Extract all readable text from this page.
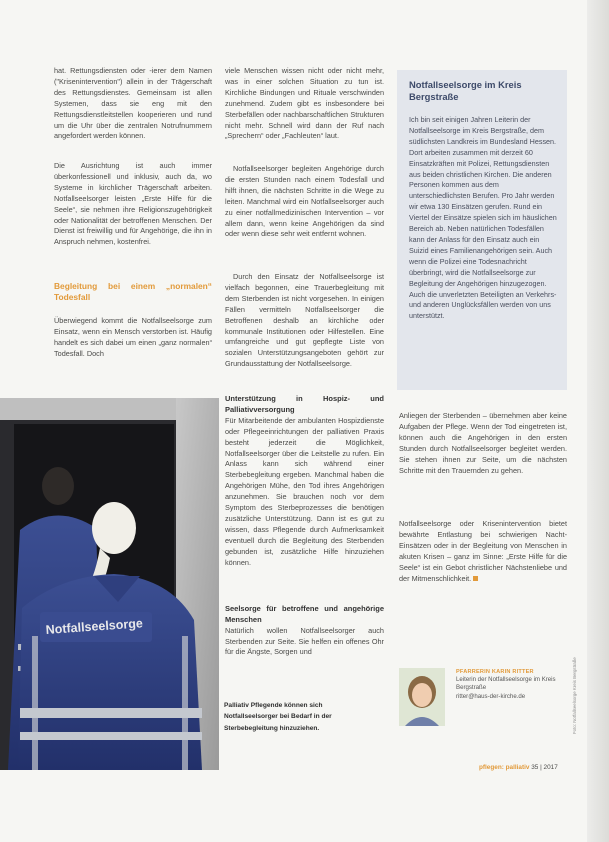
hat. Rettungsdiensten oder -ierer dem Namen ("Krisenintervention") allein in der Trägerschaft des Rettungsdienstes. Gemeinsam ist allen Systemen, dass sie eng mit den Rettungsdienstleitstellen kooperieren und rund um die Uhr über die zentralen Notrufnummern angefordert werden können.

Die Ausrichtung ist auch immer überkonfessionell und inklusiv, auch da, wo Systeme in kirchlicher Trägerschaft arbeiten. Notfallseelsorger leisten „Erste Hilfe für die Seele“, sie nehmen ihre Religionszugehörigkeit oder Nationalität der betroffenen Menschen. Der Dienst ist freiwillig und für Angehörige, die ihn in Anspruch nehmen, kostenfrei.

Begleitung bei einem „normalen“ Todesfall

Überwiegend kommt die Notfallseelsorge zum Einsatz, wenn ein Mensch verstorben ist. Häufig handelt es sich dabei um einen „ganz normalen“ Todesfall. Doch

viele Menschen wissen nicht oder nicht mehr, was in einer solchen Situation zu tun ist. Kirchliche Bindungen und Rituale verschwinden zunehmend. Zudem gibt es insbesondere bei Sterbefällen oder nachbarschaftlichen Strukturen nicht mehr. Schnell wird dann der Ruf nach „Sprechern“ oder „Fachleuten“ laut.

Notfallseelsorger begleiten Angehörige durch die ersten Stunden nach einem Todesfall und hilft ihnen, die nächsten Schritte in die Wege zu leiten. Manchmal wird ein Notfallseelsorger auch zu einer notfallmedizinischen Intervention – vor allem dann, wenn keine Angehörigen da sind oder wenn diese sehr weit entfernt wohnen.

Durch den Einsatz der Notfallseelsorge ist vielfach begonnen, eine Trauerbegleitung mit dem Sterbenden ist nicht vorgesehen. In einigen Fällen vermitteln Notfallseelsorger die Betroffenen deshalb an kirchliche oder kommunale Institutionen oder Hilfestellen. Eine umfangreiche und gut gepflegte Liste von sozialen Unterstützungsangeboten gehört zur Grundausstattung der Notfallseelsorge.

Unterstützung in Hospiz- und Palliativversorgung

Für Mitarbeitende der ambulanten Hospizdienste oder Pflegeeinrichtungen der palliativen Praxis besteht jederzeit die Möglichkeit, Notfallseelsorger über die Leitstelle zu rufen. Ein Anlass kann sich während einer Sterbebegleitung ergeben. Manchmal haben die Angehörigen Mühe, den Tod ihres Angehörigen anzunehmen. Sie brauchen noch vor dem Symptom des Sterbeprozesses die benötigen zusätzliche Unterstützung. Dann ist es gut zu wissen, dass Pflegende durch Aufmerksamkeit eventuell durch die Begleitung des Sterbenden gebunden ist, zusätzliche Hilfe hinzuziehen können.

Seelsorge für betroffene und angehörige Menschen

Natürlich wollen Notfallseelsorger auch Sterbenden zur Seite. Sie helfen ein offenes Ohr für die Ängste, Sorgen und

Anliegen der Sterbenden – übernehmen aber keine Aufgaben der Pflege. Wenn der Tod eingetreten ist, können auch die Angehörigen in den ersten Stunden durch Notfallseelsorger begleitet werden. Sie stehen ihnen zur Seite, um die nächsten Schritte mit den Trauernden zu gehen.

Notfallseelsorge oder Krisenintervention bietet bewährte Entlastung bei schwierigen Nacht-Einsätzen oder in der Begleitung von Menschen in akuten Krisen – ganz im Sinne: „Erste Hilfe für die Seele“ ist ein Gebot christlicher Nächstenliebe und der Mitmenschlichkeit.

Notfallseelsorge im Kreis Bergstraße

Ich bin seit einigen Jahren Leiterin der Notfallseelsorge im Kreis Bergstraße, dem südlichsten Landkreis im Bundesland Hessen. Dort arbeiten zusammen mit derzeit 60 Einsatzkräften mit Polizei, Rettungsdiensten aus beiden christlichen Kirchen. Die anderen Personen kommen aus dem unterschiedlichsten Berufen. Pro Jahr werden wir etwa 130 Einsätzen gerufen. Rund ein Viertel der Einsätze spielen sich im häuslichen Bereich ab. Neben natürlichen Todesfällen kann der Anlass für den Einsatz auch ein Suizid eines Familienangehörigen sein. Auch wenn die Polizei eine Todesnachricht überbringt, wird die Notfallseelsorge zur Begleitung der Angehörigen hinzugezogen. Auch die unverletzten Beteiligten an Verkehrs- und anderen Unglücksfällen werden von uns unterstützt.

Notfallseelsorge
Palliativ Pflegende können sich Notfallseelsorger bei Bedarf in der Sterbebegleitung hinzuziehen.
PFARRERIN KARIN RITTER
Leiterin der Notfallseelsorge im Kreis Bergstraße
ritter@haus-der-kirche.de	Foto: Notfallseelsorge Kreis Bergstraße
pflegen: palliativ 35 | 2017
